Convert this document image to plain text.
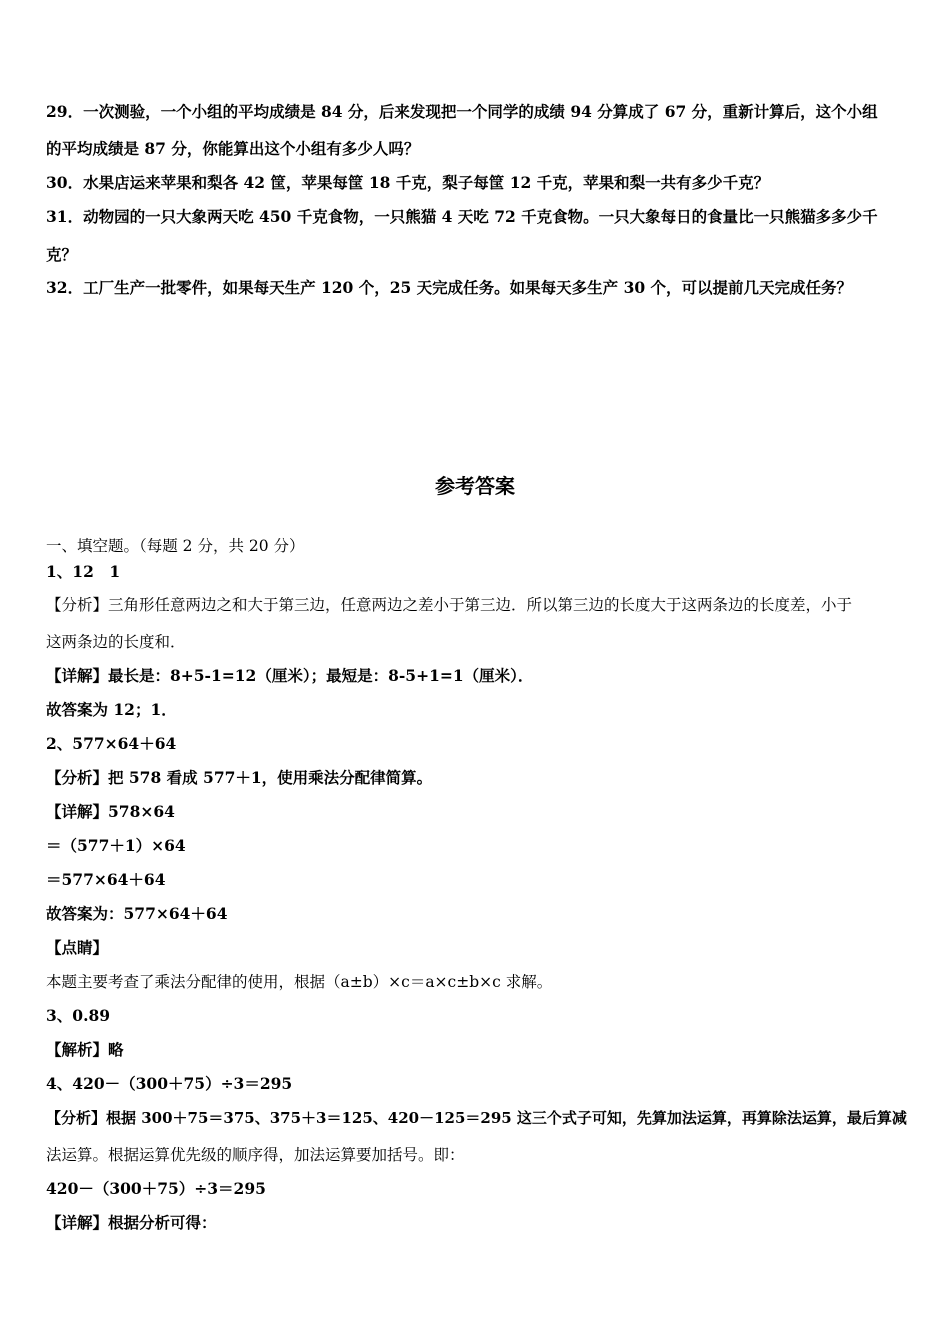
29．一次测验，一个小组的平均成绩是 84 分，后来发现把一个同学的成绩 94 分算成了 67 分，重新计算后，这个小组
的平均成绩是 87 分，你能算出这个小组有多少人吗？
30．水果店运来苹果和梨各 42 筐，苹果每筐 18 千克，梨子每筐 12 千克，苹果和梨一共有多少千克？
31．动物园的一只大象两天吃 450 千克食物，一只熊猫 4 天吃 72 千克食物。一只大象每日的食量比一只熊猫多多少千
克？
32．工厂生产一批零件，如果每天生产 120 个，25 天完成任务。如果每天多生产 30 个，可以提前几天完成任务？
参考答案
一、填空题。（每题 2 分，共 20 分）
1、12　1
【分析】三角形任意两边之和大于第三边，任意两边之差小于第三边．所以第三边的长度大于这两条边的长度差，小于
这两条边的长度和．
【详解】最长是：8+5-1=12（厘米）；最短是：8-5+1=1（厘米）．
故答案为 12；1．
2、577×64＋64
【分析】把 578 看成 577＋1，使用乘法分配律简算。
【详解】578×64
＝（577＋1）×64
＝577×64＋64
故答案为：577×64＋64
【点睛】
本题主要考查了乘法分配律的使用，根据（a±b）×c＝a×c±b×c 求解。
3、0.89
【解析】略
4、420－（300＋75）÷3＝295
【分析】根据 300＋75＝375、375＋3＝125、420－125＝295 这三个式子可知，先算加法运算，再算除法运算，最后算减
法运算。根据运算优先级的顺序得，加法运算要加括号。即：
420－（300＋75）÷3＝295
【详解】根据分析可得：
